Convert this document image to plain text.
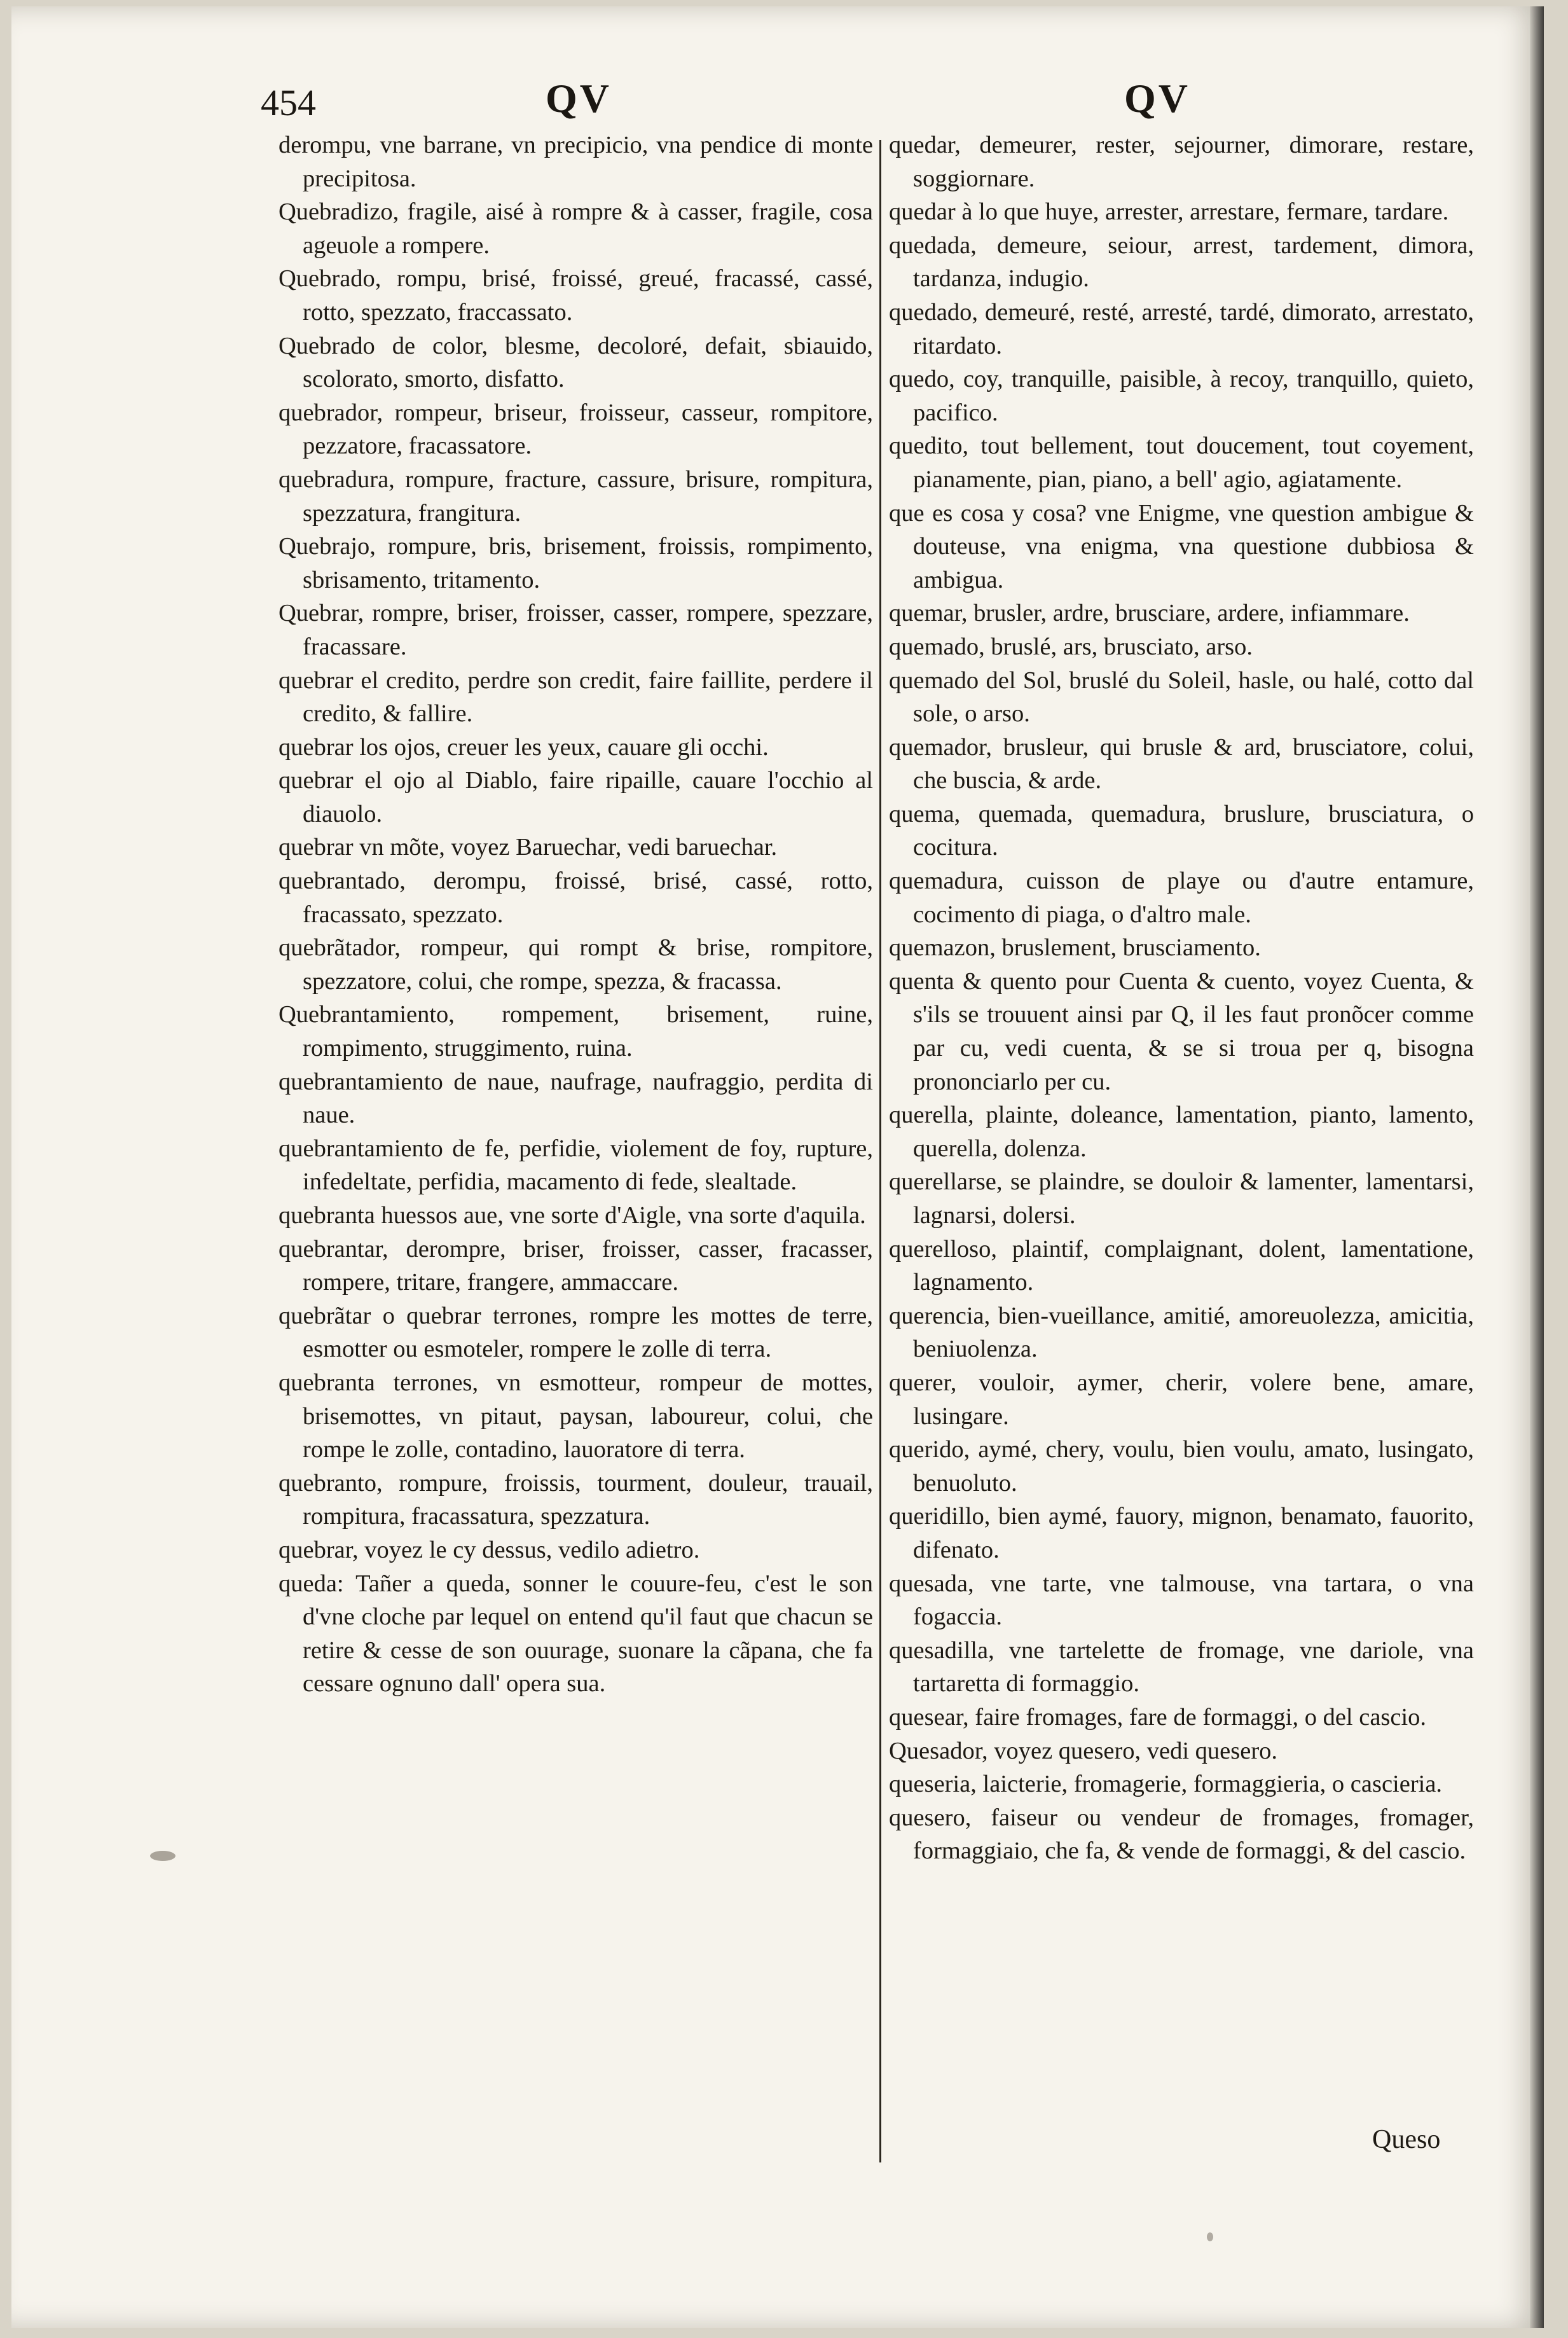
454	QV	QV
derompu, vne barrane, vn precipicio, vna pendice di monte precipitosa.
Quebradizo, fragile, aisé à rompre & à casser, fragile, cosa ageuole a rompere.
Quebrado, rompu, brisé, froissé, greué, fracassé, cassé, rotto, spezzato, fraccassato.
Quebrado de color, blesme, decoloré, defait, sbiauido, scolorato, smorto, disfatto.
quebrador, rompeur, briseur, froisseur, casseur, rompitore, pezzatore, fracassatore.
quebradura, rompure, fracture, cassure, brisure, rompitura, spezzatura, frangitura.
Quebrajo, rompure, bris, brisement, froissis, rompimento, sbrisamento, tritamento.
Quebrar, rompre, briser, froisser, casser, rompere, spezzare, fracassare.
quebrar el credito, perdre son credit, faire faillite, perdere il credito, & fallire.
quebrar los ojos, creuer les yeux, cauare gli occhi.
quebrar el ojo al Diablo, faire ripaille, cauare l'occhio al diauolo.
quebrar vn mõte, voyez Baruechar, vedi baruechar.
quebrantado, derompu, froissé, brisé, cassé, rotto, fracassato, spezzato.
quebrãtador, rompeur, qui rompt & brise, rompitore, spezzatore, colui, che rompe, spezza, & fracassa.
Quebrantamiento, rompement, brisement, ruine, rompimento, struggimento, ruina.
quebrantamiento de naue, naufrage, naufraggio, perdita di naue.
quebrantamiento de fe, perfidie, violement de foy, rupture, infedeltate, perfidia, macamento di fede, slealtade.
quebranta huessos aue, vne sorte d'Aigle, vna sorte d'aquila.
quebrantar, derompre, briser, froisser, casser, fracasser, rompere, tritare, frangere, ammaccare.
quebrãtar o quebrar terrones, rompre les mottes de terre, esmotter ou esmoteler, rompere le zolle di terra.
quebranta terrones, vn esmotteur, rompeur de mottes, brisemottes, vn pitaut, paysan, laboureur, colui, che rompe le zolle, contadino, lauoratore di terra.
quebranto, rompure, froissis, tourment, douleur, trauail, rompitura, fracassatura, spezzatura.
quebrar, voyez le cy dessus, vedilo adietro.
queda: Tañer a queda, sonner le couure-feu, c'est le son d'vne cloche par lequel on entend qu'il faut que chacun se retire & cesse de son ouurage, suonare la cãpana, che fa cessare ognuno dall' opera sua.
quedar, demeurer, rester, sejourner, dimorare, restare, soggiornare.
quedar à lo que huye, arrester, arrestare, fermare, tardare.
quedada, demeure, seiour, arrest, tardement, dimora, tardanza, indugio.
quedado, demeuré, resté, arresté, tardé, dimorato, arrestato, ritardato.
quedo, coy, tranquille, paisible, à recoy, tranquillo, quieto, pacifico.
quedito, tout bellement, tout doucement, tout coyement, pianamente, pian, piano, a bell' agio, agiatamente.
que es cosa y cosa? vne Enigme, vne question ambigue & douteuse, vna enigma, vna questione dubbiosa & ambigua.
quemar, brusler, ardre, brusciare, ardere, infiammare.
quemado, bruslé, ars, brusciato, arso.
quemado del Sol, bruslé du Soleil, hasle, ou halé, cotto dal sole, o arso.
quemador, brusleur, qui brusle & ard, brusciatore, colui, che buscia, & arde.
quema, quemada, quemadura, bruslure, brusciatura, o cocitura.
quemadura, cuisson de playe ou d'autre entamure, cocimento di piaga, o d'altro male.
quemazon, bruslement, brusciamento.
quenta & quento pour Cuenta & cuento, voyez Cuenta, & s'ils se trouuent ainsi par Q, il les faut pronõcer comme par cu, vedi cuenta, & se si troua per q, bisogna prononciarlo per cu.
querella, plainte, doleance, lamentation, pianto, lamento, querella, dolenza.
querellarse, se plaindre, se douloir & lamenter, lamentarsi, lagnarsi, dolersi.
querelloso, plaintif, complaignant, dolent, lamentatione, lagnamento.
querencia, bien-vueillance, amitié, amoreuolezza, amicitia, beniuolenza.
querer, vouloir, aymer, cherir, volere bene, amare, lusingare.
querido, aymé, chery, voulu, bien voulu, amato, lusingato, benuoluto.
queridillo, bien aymé, fauory, mignon, benamato, fauorito, difenato.
quesada, vne tarte, vne talmouse, vna tartara, o vna fogaccia.
quesadilla, vne tartelette de fromage, vne dariole, vna tartaretta di formaggio.
quesear, faire fromages, fare de formaggi, o del cascio.
Quesador, voyez quesero, vedi quesero.
queseria, laicterie, fromagerie, formaggieria, o cascieria.
quesero, faiseur ou vendeur de fromages, fromager, formaggiaio, che fa, & vende de formaggi, & del cascio.
Queso
